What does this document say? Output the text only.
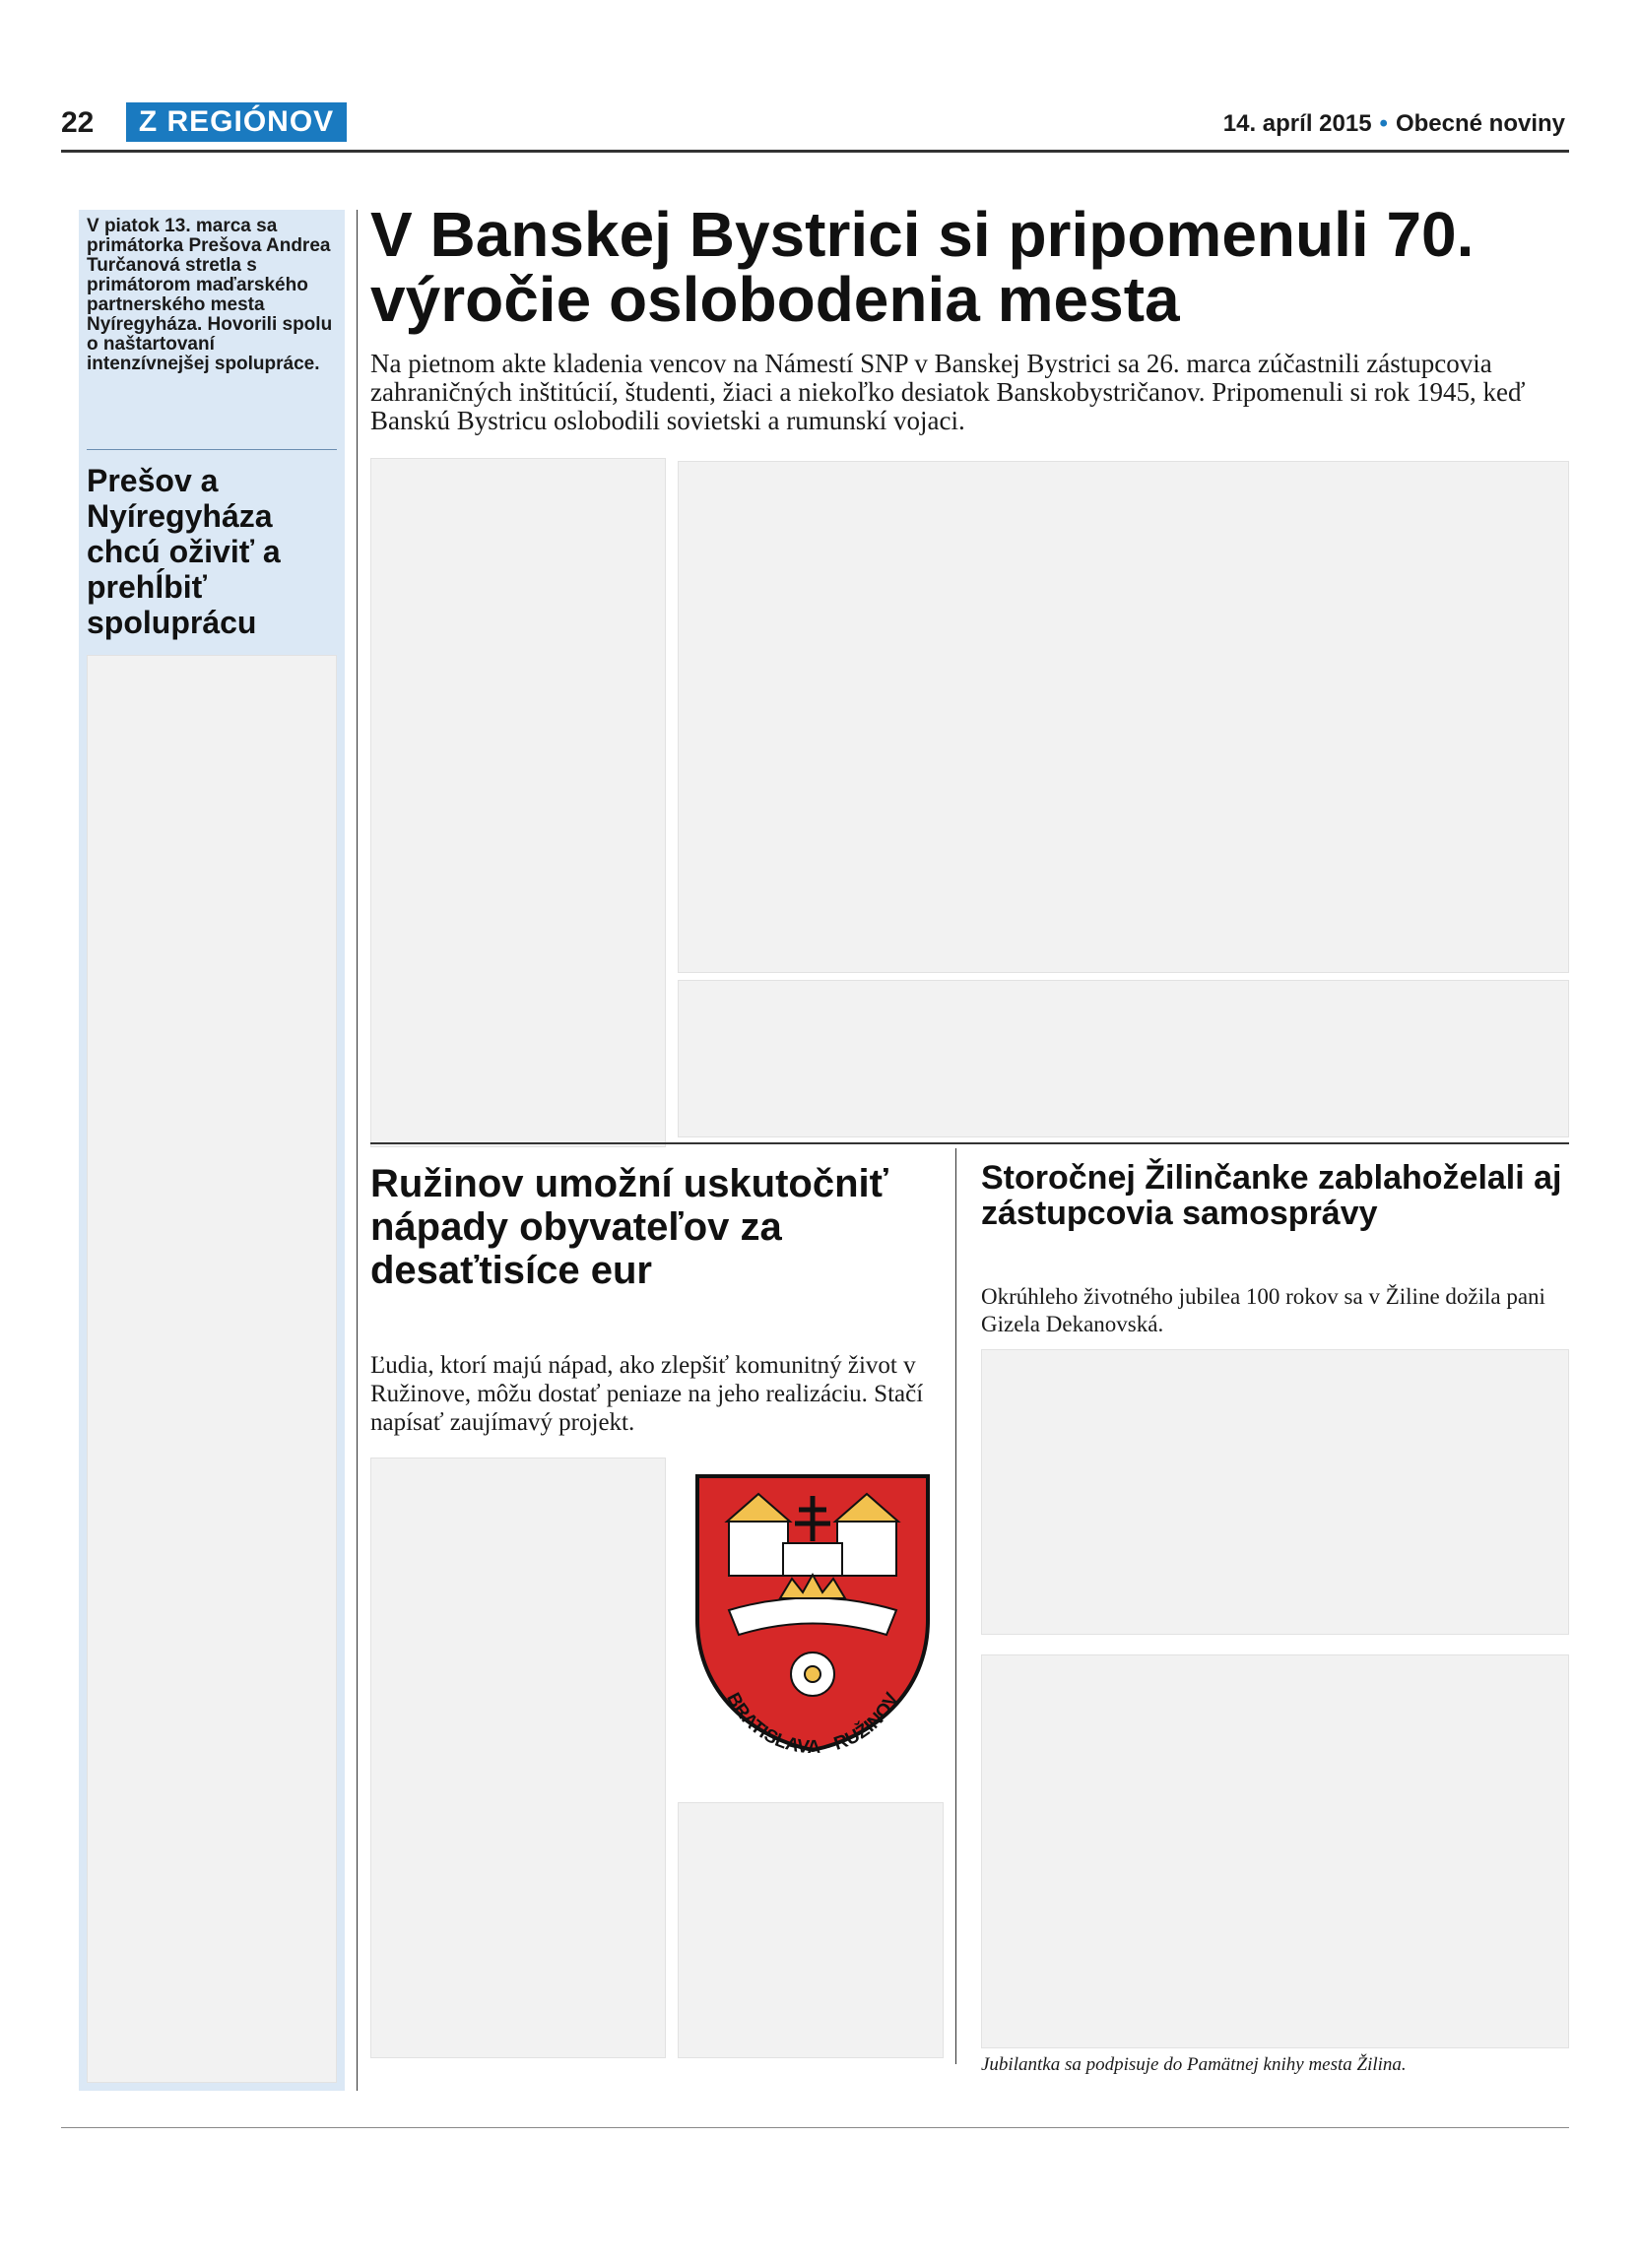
22	Z REGIÓNOV	14. apríl 2015 • Obecné noviny
V piatok 13. marca sa primátorka Prešova Andrea Turčanová stretla s primátorom maďarského partnerského mesta Nyíregyháza. Hovorili spolu o naštartovaní intenzívnejšej spolupráce.
Prešov a Nyíregyháza chcú oživiť a prehĺbiť spoluprácu
V Banskej Bystrici si pripomenuli 70. výročie oslobodenia mesta
Na pietnom akte kladenia vencov na Námestí SNP v Banskej Bystrici sa 26. marca zúčastnili zástupcovia zahraničných inštitúcií, študenti, žiaci a niekoľko desiatok Banskobystričanov. Pripomenuli si rok 1945, keď Banskú Bystricu oslobodili sovietski a rumunskí vojaci.
Ružinov umožní uskutočniť nápady obyvateľov za desaťtisíce eur
Ľudia, ktorí majú nápad, ako zlepšiť komunitný život v Ružinove, môžu dostať peniaze na jeho realizáciu. Stačí napísať zaujímavý projekt.
BRATISLAVA - RUŽINOV
Storočnej Žilinčanke zablahoželali aj zástupcovia samosprávy
Okrúhleho životného jubilea 100 rokov sa v Žiline dožila pani Gizela Dekanovská.
Jubilantka sa podpisuje do Pamätnej knihy mesta Žilina.
